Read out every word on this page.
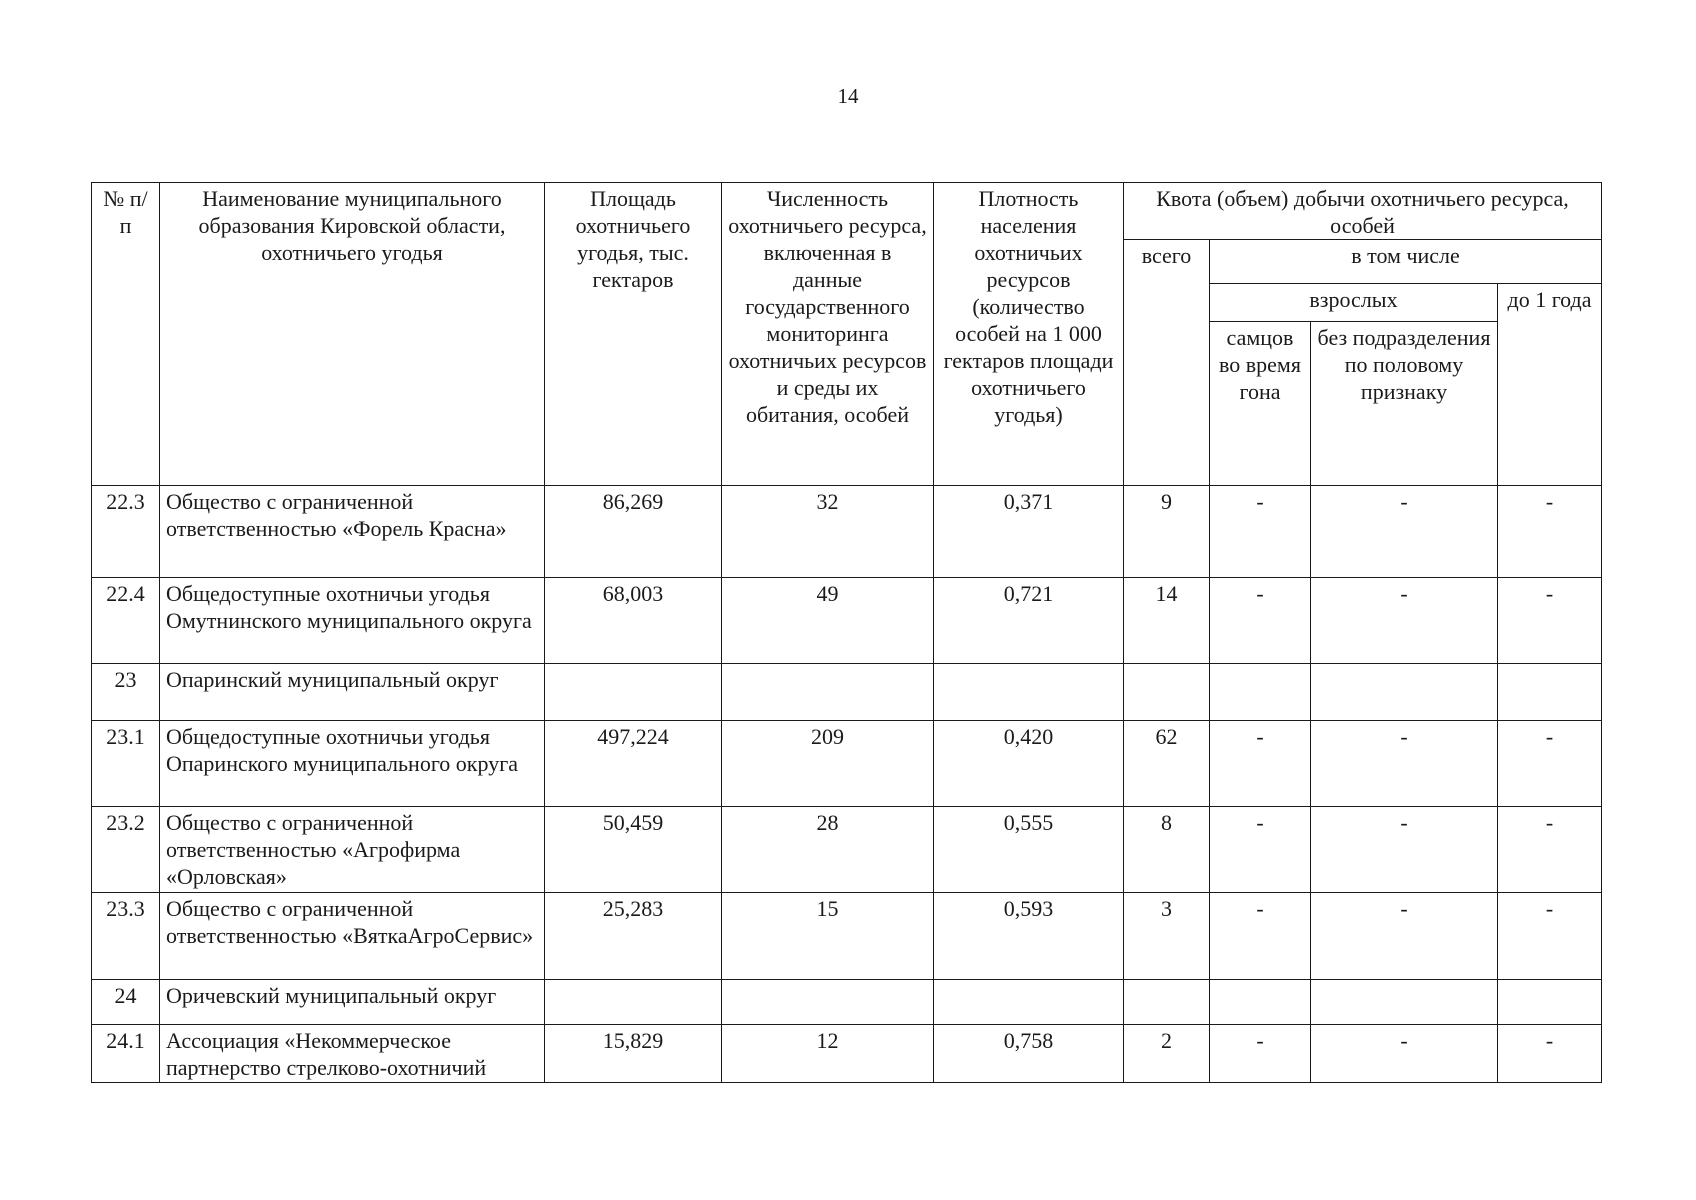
14
№ п/п	Наименование муниципального образования Кировской области, охотничьего угодья	Площадь охотничьего угодья, тыс. гектаров	Численность охотничьего ресурса, включенная в данные государственного мониторинга охотничьих ресурсов и среды их обитания, особей	Плотность населения охотничьих ресурсов (количество особей на 1 000 гектаров площади охотничьего угодья)	Квота (объем) добычи охотничьего ресурса, особей			
					всего	в том числе		
						взрослых		до 1 года
						самцов во время гона	без подразделения по половому признаку	
22.3	Общество с ограниченной ответственностью «Форель Красна»	86,269	32	0,371	9	-	-	-
22.4	Общедоступные охотничьи угодья Омутнинского муниципального округа	68,003	49	0,721	14	-	-	-
23	Опаринский муниципальный округ							
23.1	Общедоступные охотничьи угодья Опаринского муниципального округа	497,224	209	0,420	62	-	-	-
23.2	Общество с ограниченной ответственностью «Агрофирма «Орловская»	50,459	28	0,555	8	-	-	-
23.3	Общество с ограниченной ответственностью «ВяткаАгроСервис»	25,283	15	0,593	3	-	-	-
24	Оричевский муниципальный округ							
24.1	Ассоциация «Некоммерческое партнерство стрелково-охотничий	15,829	12	0,758	2	-	-	-
